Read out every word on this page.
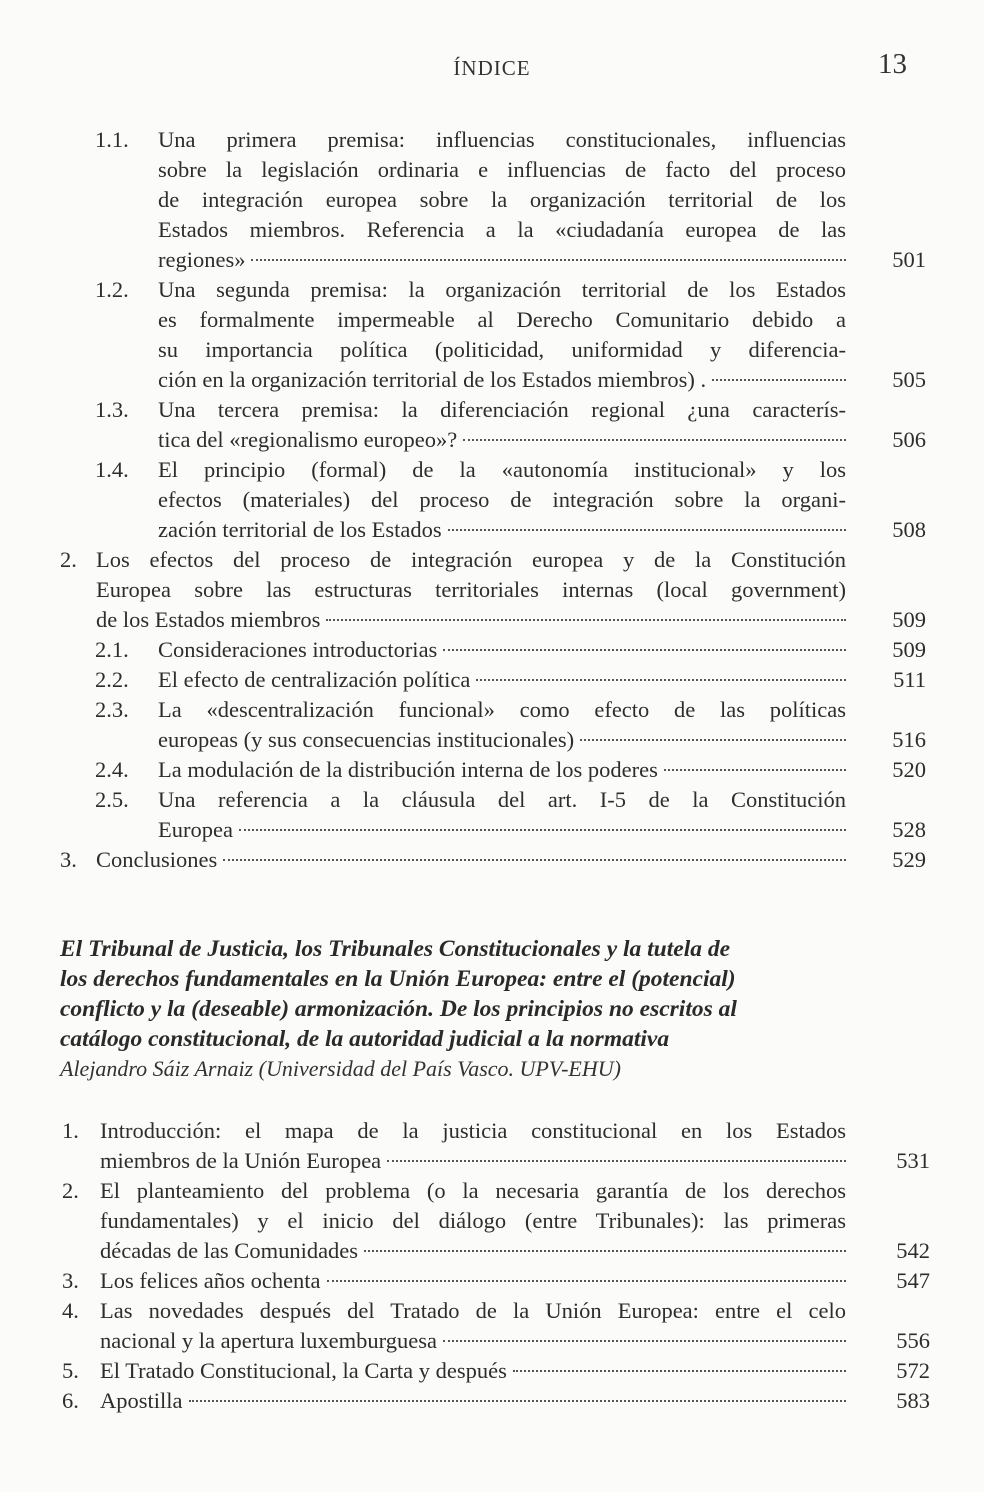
ÍNDICE	13
1.1. Una primera premisa: influencias constitucionales, influencias
sobre la legislación ordinaria e influencias de facto del proceso
de integración europea sobre la organización territorial de los
Estados miembros. Referencia a la «ciudadanía europea de las
regiones»	501
1.2. Una segunda premisa: la organización territorial de los Estados
es formalmente impermeable al Derecho Comunitario debido a
su importancia política (politicidad, uniformidad y diferencia-
ción en la organización territorial de los Estados miembros) .	505
1.3. Una tercera premisa: la diferenciación regional ¿una caracterís-
tica del «regionalismo europeo»?	506
1.4. El principio (formal) de la «autonomía institucional» y los
efectos (materiales) del proceso de integración sobre la organi-
zación territorial de los Estados	508
2. Los efectos del proceso de integración europea y de la Constitución
Europea sobre las estructuras territoriales internas (local government)
de los Estados miembros	509
2.1. Consideraciones introductorias	509
2.2. El efecto de centralización política	511
2.3. La «descentralización funcional» como efecto de las políticas
europeas (y sus consecuencias institucionales)	516
2.4. La modulación de la distribución interna de los poderes	520
2.5. Una referencia a la cláusula del art. I-5 de la Constitución
Europea	528
3. Conclusiones	529
El Tribunal de Justicia, los Tribunales Constitucionales y la tutela de
los derechos fundamentales en la Unión Europea: entre el (potencial)
conflicto y la (deseable) armonización. De los principios no escritos al
catálogo constitucional, de la autoridad judicial a la normativa
Alejandro Sáiz Arnaiz (Universidad del País Vasco. UPV-EHU)
1. Introducción: el mapa de la justicia constitucional en los Estados
miembros de la Unión Europea	531
2. El planteamiento del problema (o la necesaria garantía de los derechos
fundamentales) y el inicio del diálogo (entre Tribunales): las primeras
décadas de las Comunidades	542
3. Los felices años ochenta	547
4. Las novedades después del Tratado de la Unión Europea: entre el celo
nacional y la apertura luxemburguesa	556
5. El Tratado Constitucional, la Carta y después	572
6. Apostilla	583
